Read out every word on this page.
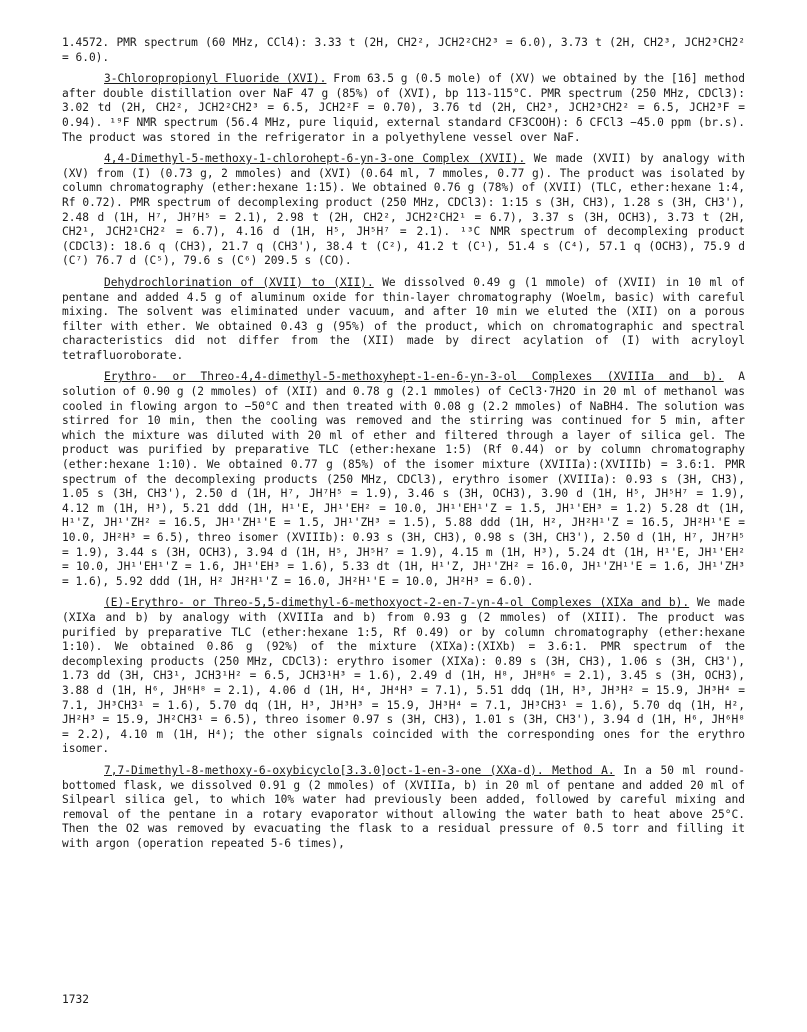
1.4572. PMR spectrum (60 MHz, CCl4): 3.33 t (2H, CH2², JCH2²CH2³ = 6.0), 3.73 t (2H, CH2³, JCH2³CH2² = 6.0).

3-Chloropropionyl Fluoride (XVI). From 63.5 g (0.5 mole) of (XV) we obtained by the [16] method after double distillation over NaF 47 g (85%) of (XVI), bp 113-115°C. PMR spectrum (250 MHz, CDCl3): 3.02 td (2H, CH2², JCH2²CH2³ = 6.5, JCH2²F = 0.70), 3.76 td (2H, CH2³, JCH2³CH2² = 6.5, JCH2³F = 0.94). ¹⁹F NMR spectrum (56.4 MHz, pure liquid, external standard CF3COOH): δ CFCl3 −45.0 ppm (br.s). The product was stored in the refrigerator in a polyethylene vessel over NaF.

4,4-Dimethyl-5-methoxy-1-chlorohept-6-yn-3-one Complex (XVII). We made (XVII) by analogy with (XV) from (I) (0.73 g, 2 mmoles) and (XVI) (0.64 ml, 7 mmoles, 0.77 g). The product was isolated by column chromatography (ether:hexane 1:15). We obtained 0.76 g (78%) of (XVII) (TLC, ether:hexane 1:4, Rf 0.72). PMR spectrum of decomplexing product (250 MHz, CDCl3): 1:15 s (3H, CH3), 1.28 s (3H, CH3'), 2.48 d (1H, H⁷, JH⁷H⁵ = 2.1), 2.98 t (2H, CH2², JCH2²CH2¹ = 6.7), 3.37 s (3H, OCH3), 3.73 t (2H, CH2¹, JCH2¹CH2² = 6.7), 4.16 d (1H, H⁵, JH⁵H⁷ = 2.1). ¹³C NMR spectrum of decomplexing product (CDCl3): 18.6 q (CH3), 21.7 q (CH3'), 38.4 t (C²), 41.2 t (C¹), 51.4 s (C⁴), 57.1 q (OCH3), 75.9 d (C⁷) 76.7 d (C⁵), 79.6 s (C⁶) 209.5 s (CO).

Dehydrochlorination of (XVII) to (XII). We dissolved 0.49 g (1 mmole) of (XVII) in 10 ml of pentane and added 4.5 g of aluminum oxide for thin-layer chromatography (Woelm, basic) with careful mixing. The solvent was eliminated under vacuum, and after 10 min we eluted the (XII) on a porous filter with ether. We obtained 0.43 g (95%) of the product, which on chromatographic and spectral characteristics did not differ from the (XII) made by direct acylation of (I) with acryloyl tetrafluoroborate.

Erythro- or Threo-4,4-dimethyl-5-methoxyhept-1-en-6-yn-3-ol Complexes (XVIIIa and b). A solution of 0.90 g (2 mmoles) of (XII) and 0.78 g (2.1 mmoles) of CeCl3·7H2O in 20 ml of methanol was cooled in flowing argon to −50°C and then treated with 0.08 g (2.2 mmoles) of NaBH4. The solution was stirred for 10 min, then the cooling was removed and the stirring was continued for 5 min, after which the mixture was diluted with 20 ml of ether and filtered through a layer of silica gel. The product was purified by preparative TLC (ether:hexane 1:5) (Rf 0.44) or by column chromatography (ether:hexane 1:10). We obtained 0.77 g (85%) of the isomer mixture (XVIIIa):(XVIIIb) = 3.6:1. PMR spectrum of the decomplexing products (250 MHz, CDCl3), erythro isomer (XVIIIa): 0.93 s (3H, CH3), 1.05 s (3H, CH3'), 2.50 d (1H, H⁷, JH⁷H⁵ = 1.9), 3.46 s (3H, OCH3), 3.90 d (1H, H⁵, JH⁵H⁷ = 1.9), 4.12 m (1H, H³), 5.21 ddd (1H, H¹'E, JH¹'EH² = 10.0, JH¹'EH¹'Z = 1.5, JH¹'EH³ = 1.2) 5.28 dt (1H, H¹'Z, JH¹'ZH² = 16.5, JH¹'ZH¹'E = 1.5, JH¹'ZH³ = 1.5), 5.88 ddd (1H, H², JH²H¹'Z = 16.5, JH²H¹'E = 10.0, JH²H³ = 6.5), threo isomer (XVIIIb): 0.93 s (3H, CH3), 0.98 s (3H, CH3'), 2.50 d (1H, H⁷, JH⁷H⁵ = 1.9), 3.44 s (3H, OCH3), 3.94 d (1H, H⁵, JH⁵H⁷ = 1.9), 4.15 m (1H, H³), 5.24 dt (1H, H¹'E, JH¹'EH² = 10.0, JH¹'EH¹'Z = 1.6, JH¹'EH³ = 1.6), 5.33 dt (1H, H¹'Z, JH¹'ZH² = 16.0, JH¹'ZH¹'E = 1.6, JH¹'ZH³ = 1.6), 5.92 ddd (1H, H² JH²H¹'Z = 16.0, JH²H¹'E = 10.0, JH²H³ = 6.0).

(E)-Erythro- or Threo-5,5-dimethyl-6-methoxyoct-2-en-7-yn-4-ol Complexes (XIXa and b). We made (XIXa and b) by analogy with (XVIIIa and b) from 0.93 g (2 mmoles) of (XIII). The product was purified by preparative TLC (ether:hexane 1:5, Rf 0.49) or by column chromatography (ether:hexane 1:10). We obtained 0.86 g (92%) of the mixture (XIXa):(XIXb) = 3.6:1. PMR spectrum of the decomplexing products (250 MHz, CDCl3): erythro isomer (XIXa): 0.89 s (3H, CH3), 1.06 s (3H, CH3'), 1.73 dd (3H, CH3¹, JCH3¹H² = 6.5, JCH3¹H³ = 1.6), 2.49 d (1H, H⁸, JH⁸H⁶ = 2.1), 3.45 s (3H, OCH3), 3.88 d (1H, H⁶, JH⁶H⁸ = 2.1), 4.06 d (1H, H⁴, JH⁴H³ = 7.1), 5.51 ddq (1H, H³, JH³H² = 15.9, JH³H⁴ = 7.1, JH³CH3¹ = 1.6), 5.70 dq (1H, H³, JH³H³ = 15.9, JH³H⁴ = 7.1, JH³CH3¹ = 1.6), 5.70 dq (1H, H², JH²H³ = 15.9, JH²CH3¹ = 6.5), threo isomer 0.97 s (3H, CH3), 1.01 s (3H, CH3'), 3.94 d (1H, H⁶, JH⁶H⁸ = 2.2), 4.10 m (1H, H⁴); the other signals coincided with the corresponding ones for the erythro isomer.

7,7-Dimethyl-8-methoxy-6-oxybicyclo[3.3.0]oct-1-en-3-one (XXa-d). Method A. In a 50 ml round-bottomed flask, we dissolved 0.91 g (2 mmoles) of (XVIIIa, b) in 20 ml of pentane and added 20 ml of Silpearl silica gel, to which 10% water had previously been added, followed by careful mixing and removal of the pentane in a rotary evaporator without allowing the water bath to heat above 25°C. Then the O2 was removed by evacuating the flask to a residual pressure of 0.5 torr and filling it with argon (operation repeated 5-6 times),

1732
